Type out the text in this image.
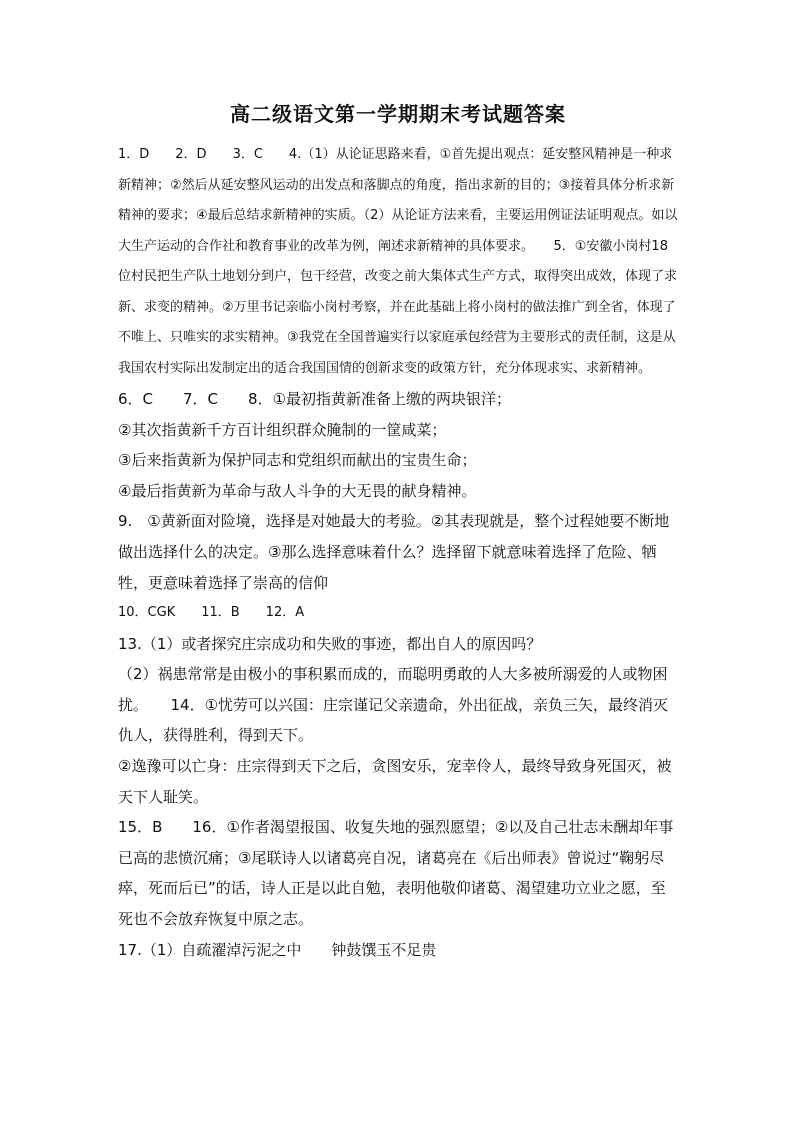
高二级语文第一学期期末考试题答案

1．D　　2．D　　3．C　　4.（1）从论证思路来看，①首先提出观点：延安整风精神是一种求新精神；②然后从延安整风运动的出发点和落脚点的角度，指出求新的目的；③接着具体分析求新精神的要求；④最后总结求新精神的实质。（2）从论证方法来看，主要运用例证法证明观点。如以大生产运动的合作社和教育事业的改革为例，阐述求新精神的具体要求。　　5．①安徽小岗村18位村民把生产队土地划分到户，包干经营，改变之前大集体式生产方式，取得突出成效，体现了求新、求变的精神。②万里书记亲临小岗村考察，并在此基础上将小岗村的做法推广到全省，体现了不唯上、只唯实的求实精神。③我党在全国普遍实行以家庭承包经营为主要形式的责任制，这是从我国农村实际出发制定出的适合我国国情的创新求变的政策方针，充分体现求实、求新精神。

6．C　　7．C　　8．①最初指黄新准备上缴的两块银洋；

②其次指黄新千方百计组织群众腌制的一筐咸菜；

③后来指黄新为保护同志和党组织而献出的宝贵生命；

④最后指黄新为革命与敌人斗争的大无畏的献身精神。

9.　①黄新面对险境，选择是对她最大的考验。②其表现就是，整个过程她要不断地做出选择什么的决定。③那么选择意味着什么？选择留下就意味着选择了危险、牺牲，更意味着选择了崇高的信仰

10．CGK　　11．B　　12．A

13.（1）或者探究庄宗成功和失败的事迹，都出自人的原因吗？

（2）祸患常常是由极小的事积累而成的，而聪明勇敢的人大多被所溺爱的人或物困扰。　　14．①忧劳可以兴国：庄宗谨记父亲遗命，外出征战，亲负三矢，最终消灭仇人，获得胜利，得到天下。

②逸豫可以亡身：庄宗得到天下之后，贪图安乐，宠幸伶人，最终导致身死国灭，被天下人耻笑。

15．B　　16．①作者渴望报国、收复失地的强烈愿望；②以及自己壮志未酬却年事已高的悲愤沉痛；③尾联诗人以诸葛亮自况，诸葛亮在《后出师表》曾说过“鞠躬尽瘁，死而后已”的话，诗人正是以此自勉，表明他敬仰诸葛、渴望建功立业之愿，至死也不会放弃恢复中原之志。

17.（1）自疏濯淖污泥之中　　钟鼓馔玉不足贵
